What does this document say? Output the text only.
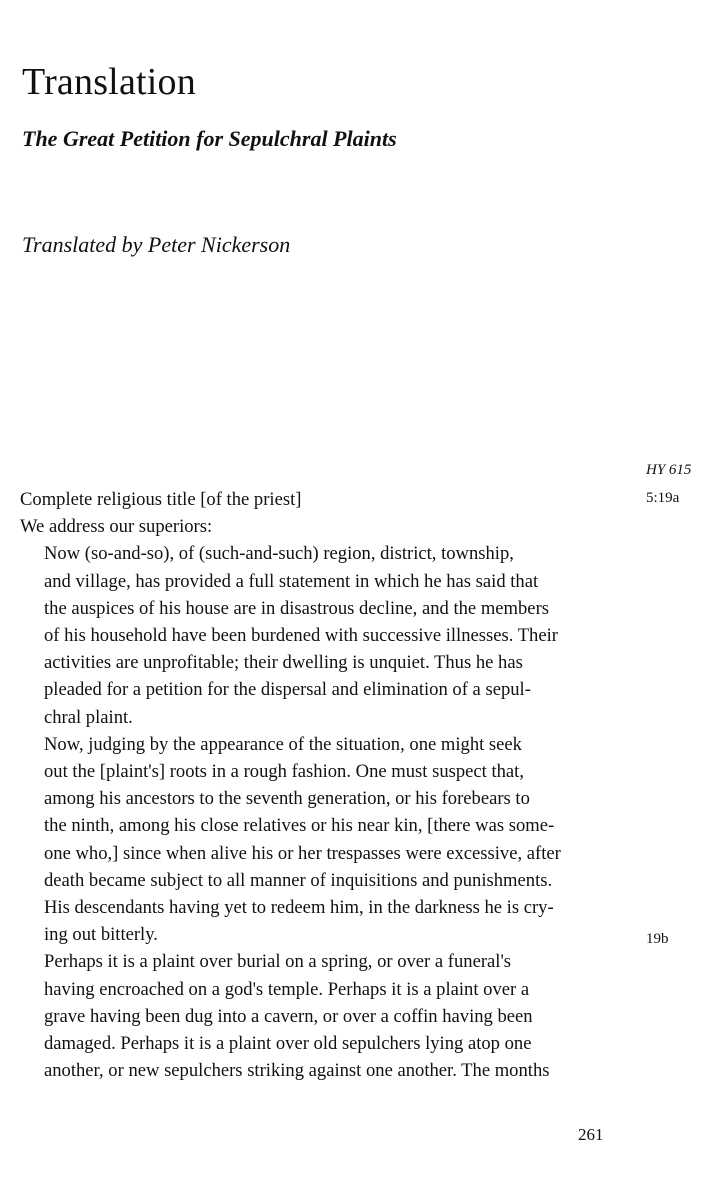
Translation
The Great Petition for Sepulchral Plaints

Translated by Peter Nickerson

HY 615
5:19a
19b

Complete religious title [of the priest]
We address our superiors:

Now (so-and-so), of (such-and-such) region, district, township,
and village, has provided a full statement in which he has said that
the auspices of his house are in disastrous decline, and the members
of his household have been burdened with successive illnesses. Their
activities are unprofitable; their dwelling is unquiet. Thus he has
pleaded for a petition for the dispersal and elimination of a sepul-
chral plaint.

Now, judging by the appearance of the situation, one might seek
out the [plaint's] roots in a rough fashion. One must suspect that,
among his ancestors to the seventh generation, or his forebears to
the ninth, among his close relatives or his near kin, [there was some-
one who,] since when alive his or her trespasses were excessive, after
death became subject to all manner of inquisitions and punishments.
His descendants having yet to redeem him, in the darkness he is cry-
ing out bitterly.

Perhaps it is a plaint over burial on a spring, or over a funeral's
having encroached on a god's temple. Perhaps it is a plaint over a
grave having been dug into a cavern, or over a coffin having been
damaged. Perhaps it is a plaint over old sepulchers lying atop one
another, or new sepulchers striking against one another. The months

261
